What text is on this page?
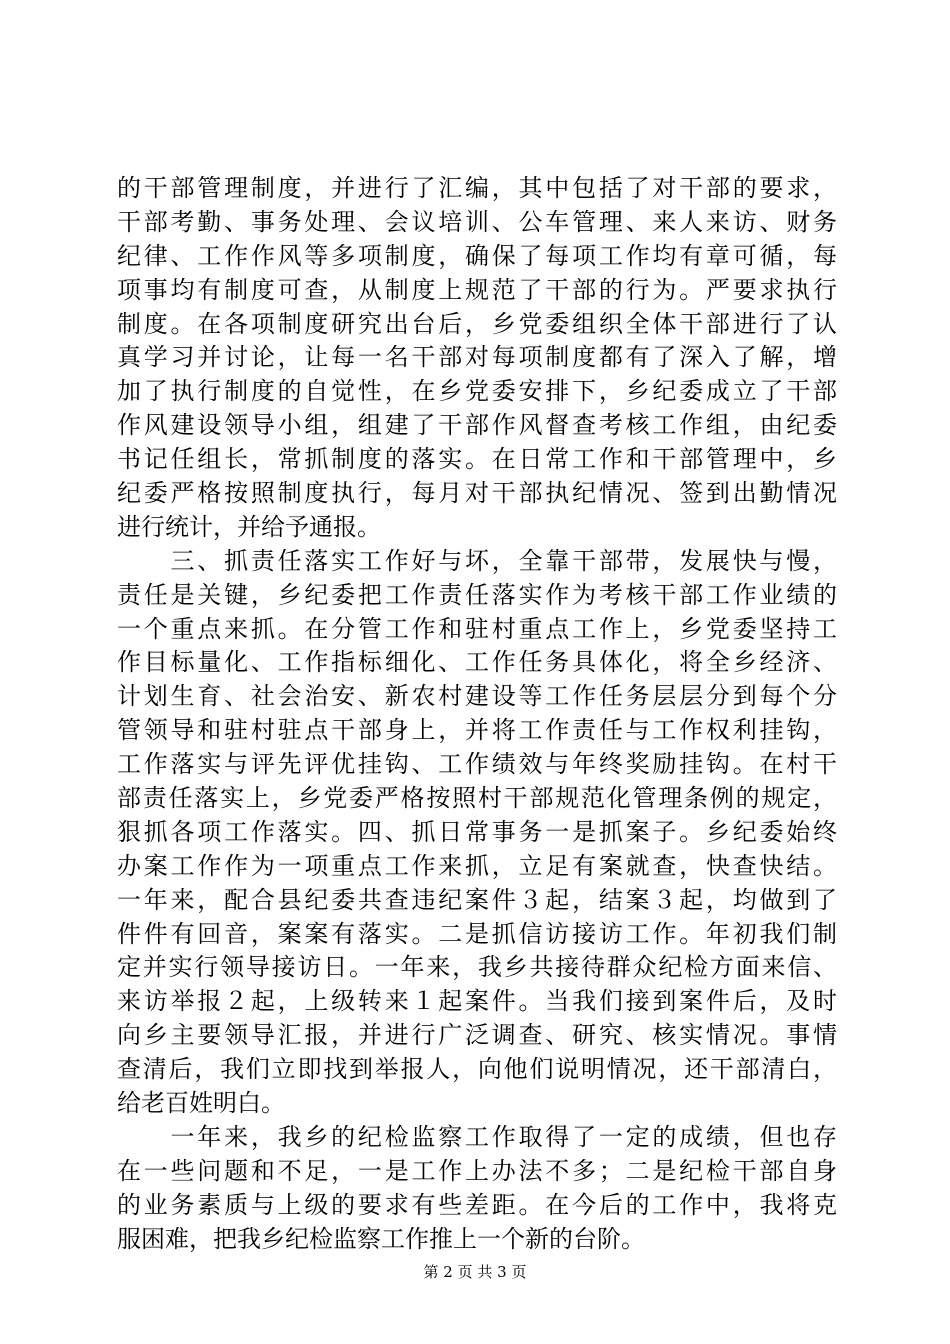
的干部管理制度，并进行了汇编，其中包括了对干部的要求，
干部考勤、事务处理、会议培训、公车管理、来人来访、财务
纪律、工作作风等多项制度，确保了每项工作均有章可循，每
项事均有制度可查，从制度上规范了干部的行为。严要求执行
制度。在各项制度研究出台后，乡党委组织全体干部进行了认
真学习并讨论，让每一名干部对每项制度都有了深入了解，增
加了执行制度的自觉性，在乡党委安排下，乡纪委成立了干部
作风建设领导小组，组建了干部作风督查考核工作组，由纪委
书记任组长，常抓制度的落实。在日常工作和干部管理中，乡
纪委严格按照制度执行，每月对干部执纪情况、签到出勤情况
进行统计，并给予通报。
　　三、抓责任落实工作好与坏，全靠干部带，发展快与慢，
责任是关键，乡纪委把工作责任落实作为考核干部工作业绩的
一个重点来抓。在分管工作和驻村重点工作上，乡党委坚持工
作目标量化、工作指标细化、工作任务具体化，将全乡经济、
计划生育、社会治安、新农村建设等工作任务层层分到每个分
管领导和驻村驻点干部身上，并将工作责任与工作权利挂钩，
工作落实与评先评优挂钩、工作绩效与年终奖励挂钩。在村干
部责任落实上，乡党委严格按照村干部规范化管理条例的规定，
狠抓各项工作落实。四、抓日常事务一是抓案子。乡纪委始终
办案工作作为一项重点工作来抓，立足有案就查，快查快结。
一年来，配合县纪委共查违纪案件３起，结案３起，均做到了
件件有回音，案案有落实。二是抓信访接访工作。年初我们制
定并实行领导接访日。一年来，我乡共接待群众纪检方面来信、
来访举报２起，上级转来１起案件。当我们接到案件后，及时
向乡主要领导汇报，并进行广泛调查、研究、核实情况。事情
查清后，我们立即找到举报人，向他们说明情况，还干部清白，
给老百姓明白。
　　一年来，我乡的纪检监察工作取得了一定的成绩，但也存
在一些问题和不足，一是工作上办法不多；二是纪检干部自身
的业务素质与上级的要求有些差距。在今后的工作中，我将克
服困难，把我乡纪检监察工作推上一个新的台阶。
第 2 页 共 3 页
